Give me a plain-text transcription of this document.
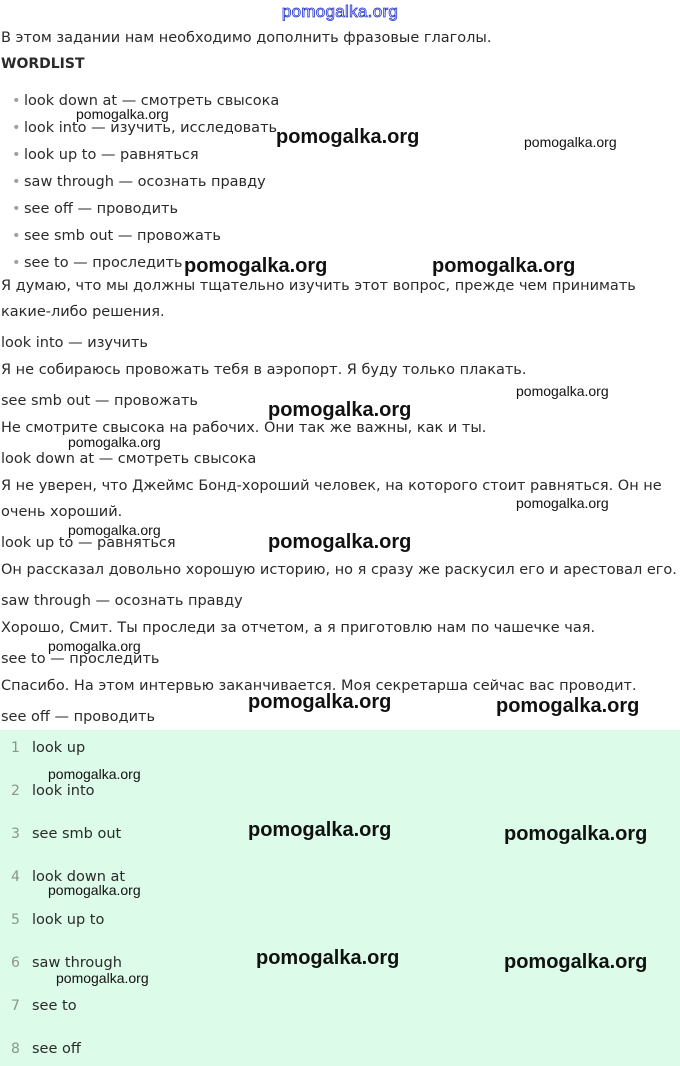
pomogalka.org
В этом задании нам необходимо дополнить фразовые глаголы.
WORDLIST
• look down at — смотреть свысока
• look into — изучить, исследовать
• look up to — равняться
• saw through — осознать правду
• see off — проводить
• see smb out — провожать
• see to — проследить
Я думаю, что мы должны тщательно изучить этот вопрос, прежде чем принимать какие-либо решения.
look into — изучить
Я не собираюсь провожать тебя в аэропорт. Я буду только плакать.
see smb out — провожать
Не смотрите свысока на рабочих. Они так же важны, как и ты.
look down at — смотреть свысока
Я не уверен, что Джеймс Бонд-хороший человек, на которого стоит равняться. Он не очень хороший.
look up to — равняться
Он рассказал довольно хорошую историю, но я сразу же раскусил его и арестовал его.
saw through — осознать правду
Хорошо, Смит. Ты проследи за отчетом, а я приготовлю нам по чашечке чая.
see to — проследить
Спасибо. На этом интервью заканчивается. Моя секретарша сейчас вас проводит.
see off — проводить
1 look up
2 look into
3 see smb out
4 look down at
5 look up to
6 saw through
7 see to
8 see off
pomogalka.org
pomogalka.org	pomogalka.org
pomogalka.org	pomogalka.org
pomogalka.org
pomogalka.org
pomogalka.org
pomogalka.org
pomogalka.org
pomogalka.org
pomogalka.org
pomogalka.org	pomogalka.org
pomogalka.org
pomogalka.org	pomogalka.org
pomogalka.org
pomogalka.org	pomogalka.org
pomogalka.org
